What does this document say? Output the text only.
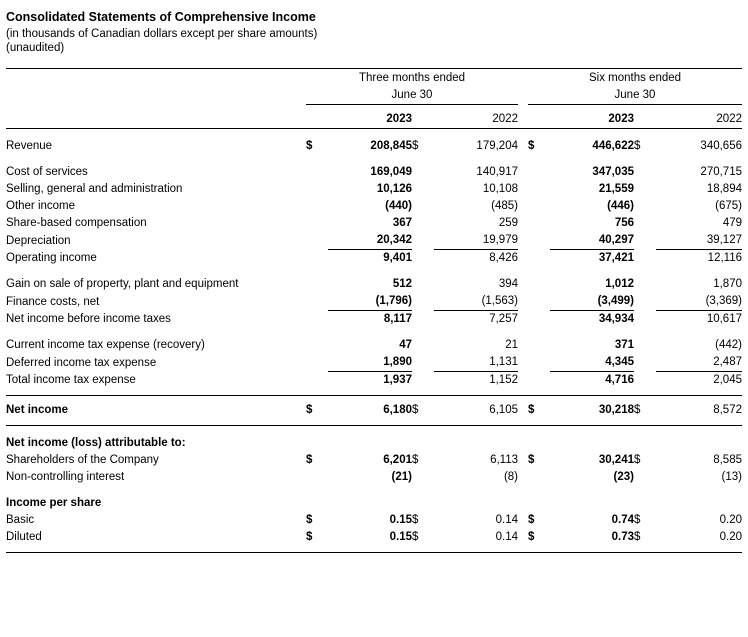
Consolidated Statements of Comprehensive Income
(in thousands of Canadian dollars except per share amounts)
(unaudited)

	Three months ended					Six months ended			
	June 30					June 30			

		2023		2022			2023		2022

Revenue	$	208,845	$	179,204		$	446,622	$	340,656

Cost of services		169,049		140,917			347,035		270,715
Selling, general and administration		10,126		10,108			21,559		18,894
Other income		(440)		(485)			(446)		(675)
Share-based compensation		367		259			756		479
Depreciation		20,342		19,979			40,297		39,127
Operating income		9,401		8,426			37,421		12,116

Gain on sale of property, plant and equipment		512		394			1,012		1,870
Finance costs, net		(1,796)		(1,563)			(3,499)		(3,369)
Net income before income taxes		8,117		7,257			34,934		10,617

Current income tax expense (recovery)		47		21			371		(442)
Deferred income tax expense		1,890		1,131			4,345		2,487
Total income tax expense		1,937		1,152			4,716		2,045

Net income	$	6,180	$	6,105		$	30,218	$	8,572

Net income (loss) attributable to:									
Shareholders of the Company	$	6,201	$	6,113		$	30,241	$	8,585
Non-controlling interest		(21)		(8)			(23)		(13)

Income per share									
Basic	$	0.15	$	0.14		$	0.74	$	0.20
Diluted	$	0.15	$	0.14		$	0.73	$	0.20
